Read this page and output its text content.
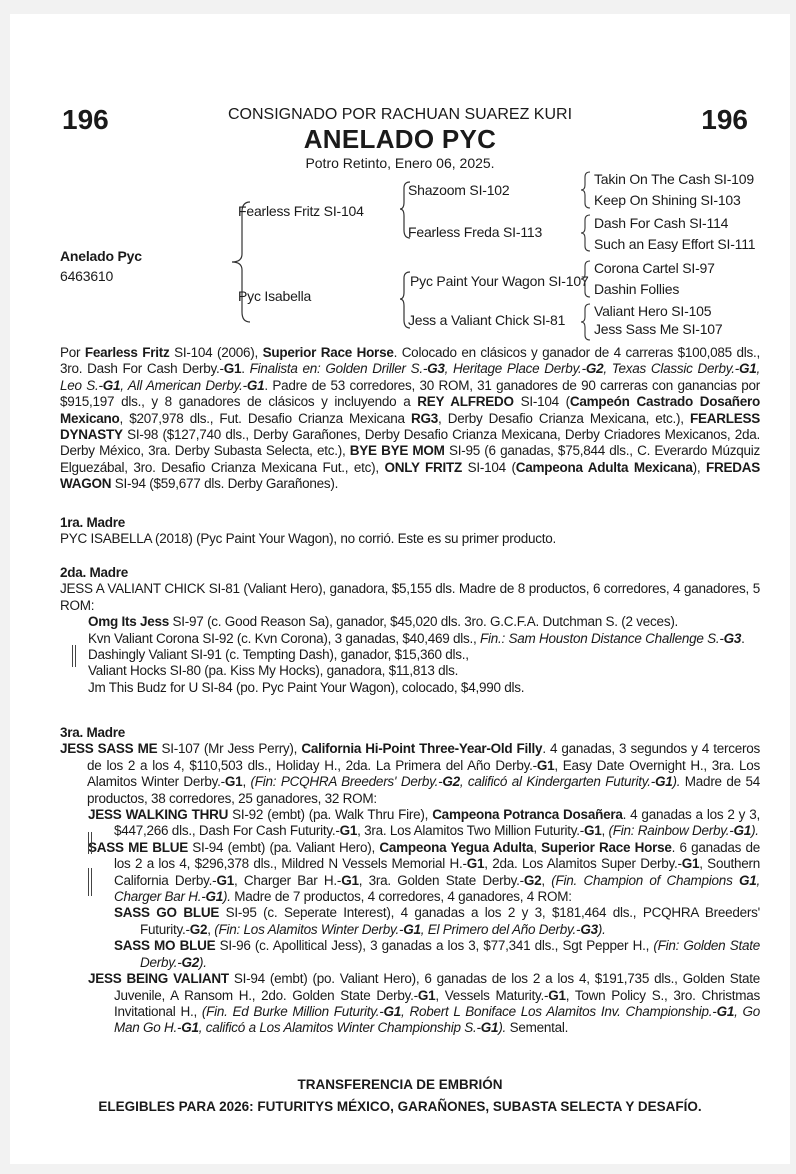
196	196
CONSIGNADO POR RACHUAN SUAREZ KURI
ANELADO PYC
Potro Retinto, Enero 06, 2025.
Anelado Pyc
6463610
Fearless Fritz SI-104
Pyc Isabella
Shazoom SI-102
Fearless Freda SI-113
Pyc Paint Your Wagon SI-107
Jess a Valiant Chick SI-81
Takin On The Cash SI-109
Keep On Shining SI-103
Dash For Cash SI-114
Such an Easy Effort SI-111
Corona Cartel SI-97
Dashin Follies
Valiant Hero SI-105
Jess Sass Me SI-107

Por Fearless Fritz SI-104 (2006), Superior Race Horse. Colocado en clásicos y ganador de 4 carreras $100,085 dls., 3ro. Dash For Cash Derby.-G1. Finalista en: Golden Driller S.-G3, Heritage Place Derby.-G2, Texas Classic Derby.-G1, Leo S.-G1, All American Derby.-G1. Padre de 53 corredores, 30 ROM, 31 ganadores de 90 carreras con ganancias por $915,197 dls., y 8 ganadores de clásicos y incluyendo a REY ALFREDO SI-104 (Campeón Castrado Dosañero Mexicano, $207,978 dls., Fut. Desafio Crianza Mexicana RG3, Derby Desafio Crianza Mexicana, etc.), FEARLESS DYNASTY SI-98 ($127,740 dls., Derby Garañones, Derby Desafio Crianza Mexicana, Derby Criadores Mexicanos, 2da. Derby México, 3ra. Derby Subasta Selecta, etc.), BYE BYE MOM SI-95 (6 ganadas, $75,844 dls., C. Everardo Múzquiz Elguezábal, 3ro. Desafio Crianza Mexicana Fut., etc), ONLY FRITZ SI-104 (Campeona Adulta Mexicana), FREDAS WAGON SI-94 ($59,677 dls. Derby Garañones).

1ra. Madre

PYC ISABELLA (2018) (Pyc Paint Your Wagon), no corrió. Este es su primer producto.

2da. Madre

JESS A VALIANT CHICK SI-81 (Valiant Hero), ganadora, $5,155 dls. Madre de 8 productos, 6 corredores, 4 ganadores, 5 ROM:

Omg Its Jess SI-97 (c. Good Reason Sa), ganador, $45,020 dls. 3ro. G.C.F.A. Dutchman S. (2 veces).

Kvn Valiant Corona SI-92 (c. Kvn Corona), 3 ganadas, $40,469 dls., Fin.: Sam Houston Distance Challenge S.-G3.

Dashingly Valiant SI-91 (c. Tempting Dash), ganador, $15,360 dls.,

Valiant Hocks SI-80 (pa. Kiss My Hocks), ganadora, $11,813 dls.

Jm This Budz for U SI-84 (po. Pyc Paint Your Wagon), colocado, $4,990 dls.

3ra. Madre

JESS SASS ME SI-107 (Mr Jess Perry), California Hi-Point Three-Year-Old Filly. 4 ganadas, 3 segundos y 4 terceros de los 2 a los 4, $110,503 dls., Holiday H., 2da. La Primera del Año Derby.-G1, Easy Date Overnight H., 3ra. Los Alamitos Winter Derby.-G1, (Fin: PCQHRA Breeders' Derby.-G2, calificó al Kindergarten Futurity.-G1). Madre de 54 productos, 38 corredores, 25 ganadores, 32 ROM:

JESS WALKING THRU SI-92 (embt) (pa. Walk Thru Fire), Campeona Potranca Dosañera. 4 ganadas a los 2 y 3, $447,266 dls., Dash For Cash Futurity.-G1, 3ra. Los Alamitos Two Million Futurity.-G1, (Fin: Rainbow Derby.-G1).

SASS ME BLUE SI-94 (embt) (pa. Valiant Hero), Campeona Yegua Adulta, Superior Race Horse. 6 ganadas de los 2 a los 4, $296,378 dls., Mildred N Vessels Memorial H.-G1, 2da. Los Alamitos Super Derby.-G1, Southern California Derby.-G1, Charger Bar H.-G1, 3ra. Golden State Derby.-G2, (Fin. Champion of Champions G1, Charger Bar H.-G1). Madre de 7 productos, 4 corredores, 4 ganadores, 4 ROM:

SASS GO BLUE SI-95 (c. Seperate Interest), 4 ganadas a los 2 y 3, $181,464 dls., PCQHRA Breeders' Futurity.-G2, (Fin: Los Alamitos Winter Derby.-G1, El Primero del Año Derby.-G3).

SASS MO BLUE SI-96 (c. Apollitical Jess), 3 ganadas a los 3, $77,341 dls., Sgt Pepper H., (Fin: Golden State Derby.-G2).

JESS BEING VALIANT SI-94 (embt) (po. Valiant Hero), 6 ganadas de los 2 a los 4, $191,735 dls., Golden State Juvenile, A Ransom H., 2do. Golden State Derby.-G1, Vessels Maturity.-G1, Town Policy S., 3ro. Christmas Invitational H., (Fin. Ed Burke Million Futurity.-G1, Robert L Boniface Los Alamitos Inv. Championship.-G1, Go Man Go H.-G1, calificó a Los Alamitos Winter Championship S.-G1). Semental.

TRANSFERENCIA DE EMBRIÓN
ELEGIBLES PARA 2026: FUTURITYS MÉXICO, GARAÑONES, SUBASTA SELECTA Y DESAFÍO.
